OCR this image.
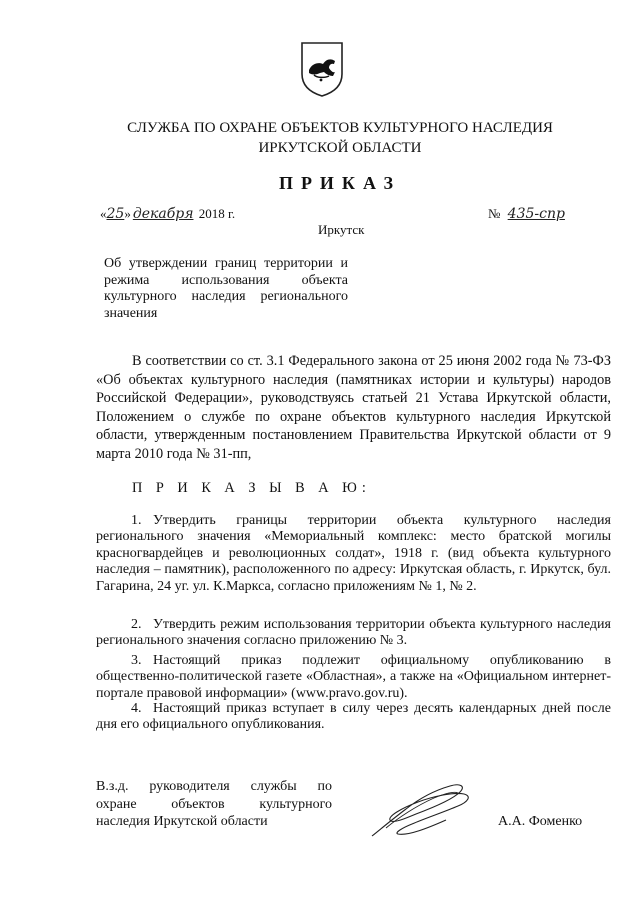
СЛУЖБА ПО ОХРАНЕ ОБЪЕКТОВ КУЛЬТУРНОГО НАСЛЕДИЯ
ИРКУТСКОЙ ОБЛАСТИ
ПРИКАЗ
«25» декабря 2018 г.	№ 435-спр
Иркутск
Об утверждении границ территории и режима использования объекта культурного наследия регионального значения
В соответствии со ст. 3.1 Федерального закона от 25 июня 2002 года № 73-ФЗ «Об объектах культурного наследия (памятниках истории и культуры) народов Российской Федерации», руководствуясь статьей 21 Устава Иркутской области, Положением о службе по охране объектов культурного наследия Иркутской области, утвержденным постановлением Правительства Иркутской области от 9 марта 2010 года № 31-пп,
П Р И К А З Ы В А Ю:
1. Утвердить границы территории объекта культурного наследия регионального значения «Мемориальный комплекс: место братской могилы красногвардейцев и революционных солдат», 1918 г. (вид объекта культурного наследия – памятник), расположенного по адресу: Иркутская область, г. Иркутск, бул. Гагарина, 24 уг. ул. К.Маркса, согласно приложениям № 1, № 2.
2. Утвердить режим использования территории объекта культурного наследия регионального значения согласно приложению № 3.
3. Настоящий приказ подлежит официальному опубликованию в общественно-политической газете «Областная», а также на «Официальном интернет-портале правовой информации» (www.pravo.gov.ru).
4. Настоящий приказ вступает в силу через десять календарных дней после дня его официального опубликования.
В.з.д. руководителя службы по
охране объектов культурного
наследия Иркутской области	А.А. Фоменко
